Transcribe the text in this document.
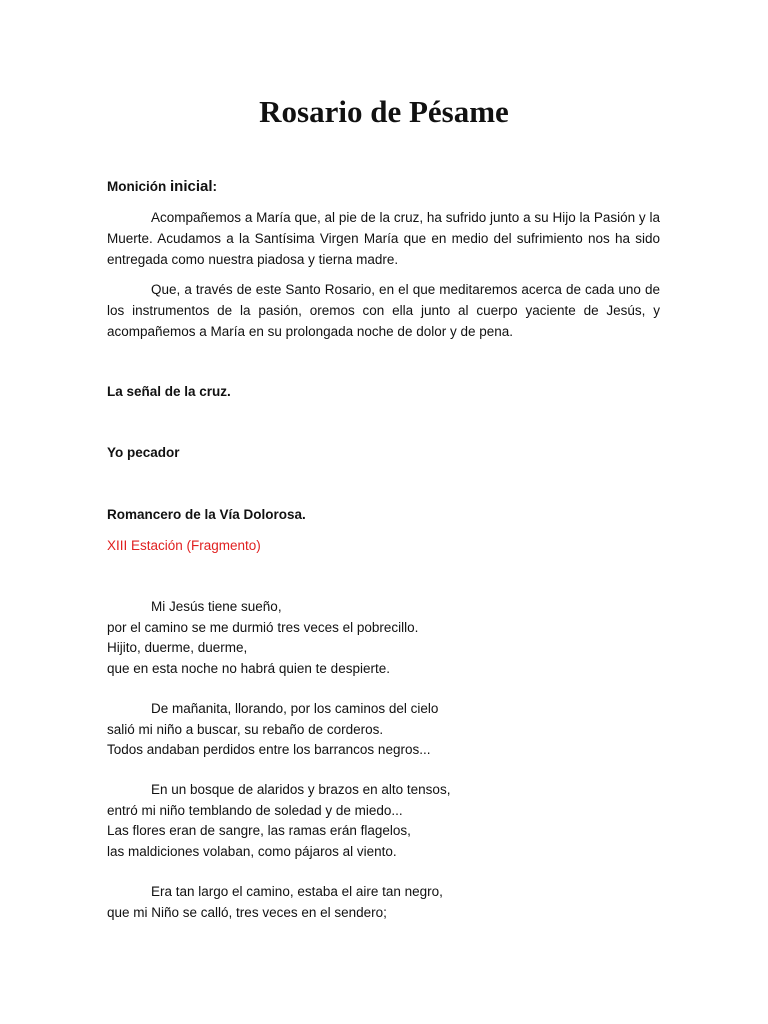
Rosario de Pésame
Monición inicial:

Acompañemos a María que, al pie de la cruz, ha sufrido junto a su Hijo la Pasión y la Muerte. Acudamos a la Santísima Virgen María que en medio del sufrimiento nos ha sido entregada como nuestra piadosa y tierna madre.

Que, a través de este Santo Rosario, en el que meditaremos acerca de cada uno de los instrumentos de la pasión, oremos con ella junto al cuerpo yaciente de Jesús, y acompañemos a María en su prolongada noche de dolor y de pena.

La señal de la cruz.
Yo pecador
Romancero de la Vía Dolorosa.
XIII Estación (Fragmento)

Mi Jesús tiene sueño,

por el camino se me durmió tres veces el pobrecillo.

Hijito, duerme, duerme,

que en esta noche no habrá quien te despierte.

De mañanita, llorando, por los caminos del cielo

salió mi niño a buscar, su rebaño de corderos.

Todos andaban perdidos entre los barrancos negros...

En un bosque de alaridos y brazos en alto tensos,

entró mi niño temblando de soledad y de miedo...

Las flores eran de sangre, las ramas erán flagelos,

las maldiciones volaban, como pájaros al viento.

Era tan largo el camino, estaba el aire tan negro,

que mi Niño se calló, tres veces en el sendero;
